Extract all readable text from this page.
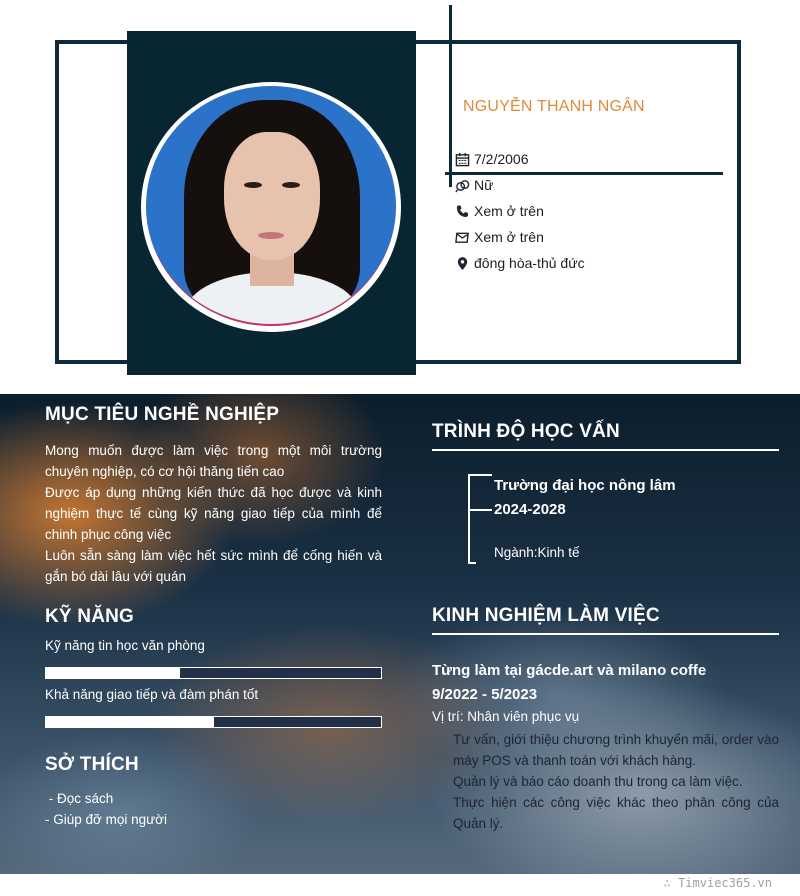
NGUYỄN THANH NGÂN
7/2/2006
Nữ
Xem ở trên
Xem ở trên
đông hòa-thủ đức
MỤC TIÊU NGHỀ NGHIỆP

Mong muốn được làm việc trong một môi trường chuyên nghiệp, có cơ hội thăng tiến cao

Được áp dụng những kiến thức đã học được và kinh nghiệm thực tế cùng kỹ năng giao tiếp của mình để chinh phục công việc

Luôn sẵn sàng làm việc hết sức mình để cống hiến và gắn bó dài lâu với quán

KỸ NĂNG
Kỹ năng tin học văn phòng
Khả năng giao tiếp và đàm phán tốt
SỞ THÍCH
- Đọc sách
- Giúp đỡ mọi người
TRÌNH ĐỘ HỌC VẤN
Trường đại học nông lâm
2024-2028
Ngành:Kinh tế
KINH NGHIỆM LÀM VIỆC
Từng làm tại gácde.art và milano coffe
9/2022 - 5/2023
Vị trí: Nhân viên phục vụ

Tư vấn, giới thiệu chương trình khuyến mãi, order vào máy POS và thanh toán với khách hàng.

Quản lý và báo cáo doanh thu trong ca làm việc.

Thực hiện các công việc khác theo phân công của Quản lý.

∴ Timviec365.vn
